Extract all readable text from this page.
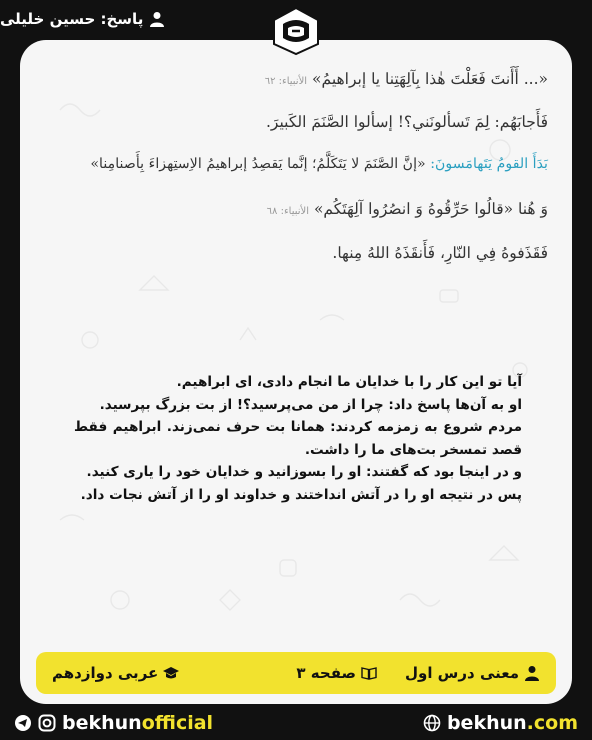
پاسخ: حسین خلیلی
«... أَأَنتَ فَعَلْتَ هٰذا بِآلِهَتِنا يا إبراهيمُ» الأنبياء: ٦٢
فَأَجابَهُم: لِمَ تَسألونَني؟! إسألوا الصَّنَمَ الكَبيرَ.
بَدَأَ القومُ يَتَهامَسونَ: «إنَّ الصَّنَمَ لا يَتَكَلَّمُ؛ إنَّما يَقصِدُ إبراهيمُ الاِستِهزاءَ بِأَصنامِنا»
وَ هُنا «قالُوا حَرِّقُوهُ وَ انصُرُوا آلِهَتَكُم» الأنبياء: ٦٨
فَقَذَفوهُ فِي النّارِ، فَأَنقَذَهُ اللهُ مِنها.

آیا تو این کار را با خدایان ما انجام دادی، ای ابراهیم.

او به آن‌ها پاسخ داد: چرا از من می‌پرسید؟! از بت بزرگ بپرسید.

مردم شروع به زمزمه کردند: همانا بت حرف نمی‌زند. ابراهیم فقط قصد تمسخر بت‌های ما را داشت.

و در اینجا بود که گفتند: او را بسوزانید و خدایان خود را یاری کنید.

پس در نتیجه او را در آتش انداختند و خداوند او را از آتش نجات داد.

معنی درس اول
صفحه ۳
عربی دوازدهم
bekhunofficial	bekhun.com
